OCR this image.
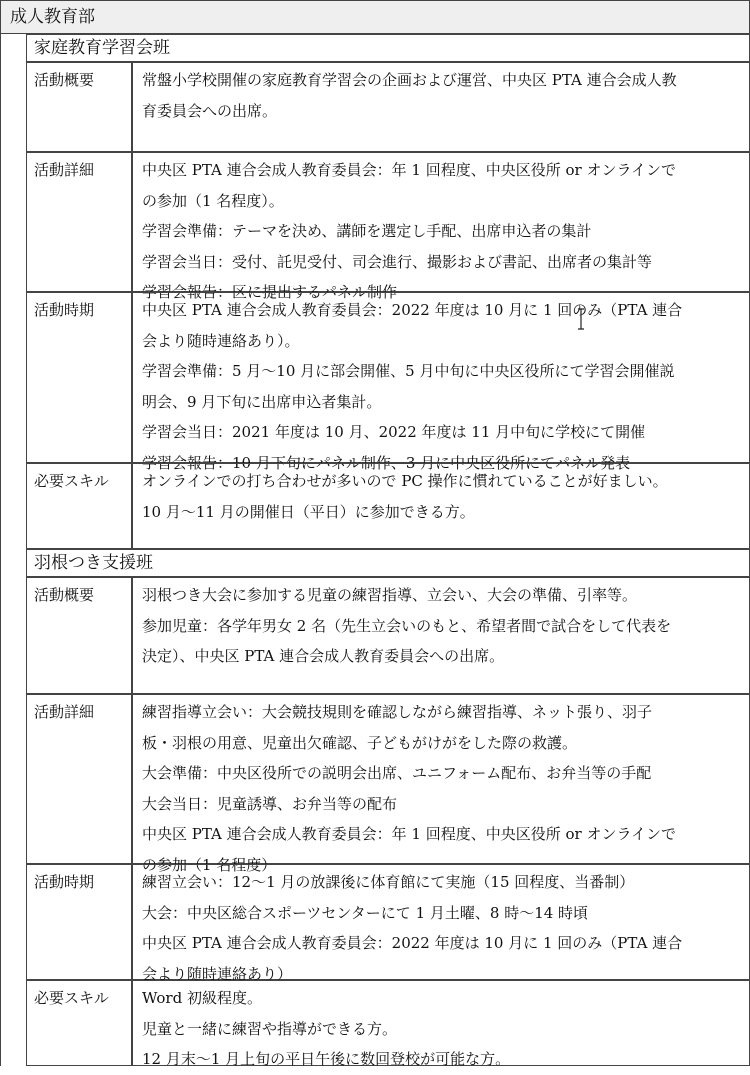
成人教育部
家庭教育学習会班
活動概要	常盤小学校開催の家庭教育学習会の企画および運営、中央区 PTA 連合会成人教
育委員会への出席。
活動詳細	中央区 PTA 連合会成人教育委員会：年 1 回程度、中央区役所 or オンラインで
の参加（1 名程度）。
学習会準備：テーマを決め、講師を選定し手配、出席申込者の集計
学習会当日：受付、託児受付、司会進行、撮影および書記、出席者の集計等
学習会報告：区に提出するパネル制作
活動時期	中央区 PTA 連合会成人教育委員会：2022 年度は 10 月に 1 回のみ（PTA 連合
会より随時連絡あり）。
学習会準備：5 月～10 月に部会開催、5 月中旬に中央区役所にて学習会開催説
明会、9 月下旬に出席申込者集計。
学習会当日：2021 年度は 10 月、2022 年度は 11 月中旬に学校にて開催
学習会報告：10 月下旬にパネル制作、3 月に中央区役所にてパネル発表
必要スキル	オンラインでの打ち合わせが多いので PC 操作に慣れていることが好ましい。
10 月～11 月の開催日（平日）に参加できる方。
羽根つき支援班
活動概要	羽根つき大会に参加する児童の練習指導、立会い、大会の準備、引率等。
参加児童：各学年男女 2 名（先生立会いのもと、希望者間で試合をして代表を
決定）、中央区 PTA 連合会成人教育委員会への出席。
活動詳細	練習指導立会い：大会競技規則を確認しながら練習指導、ネット張り、羽子
板・羽根の用意、児童出欠確認、子どもがけがをした際の救護。
大会準備：中央区役所での説明会出席、ユニフォーム配布、お弁当等の手配
大会当日：児童誘導、お弁当等の配布
中央区 PTA 連合会成人教育委員会：年 1 回程度、中央区役所 or オンラインで
の参加（1 名程度）
活動時期	練習立会い：12～1 月の放課後に体育館にて実施（15 回程度、当番制）
大会：中央区総合スポーツセンターにて 1 月土曜、8 時～14 時頃
中央区 PTA 連合会成人教育委員会：2022 年度は 10 月に 1 回のみ（PTA 連合
会より随時連絡あり）
必要スキル	Word 初級程度。
児童と一緒に練習や指導ができる方。
12 月末～1 月上旬の平日午後に数回登校が可能な方。
